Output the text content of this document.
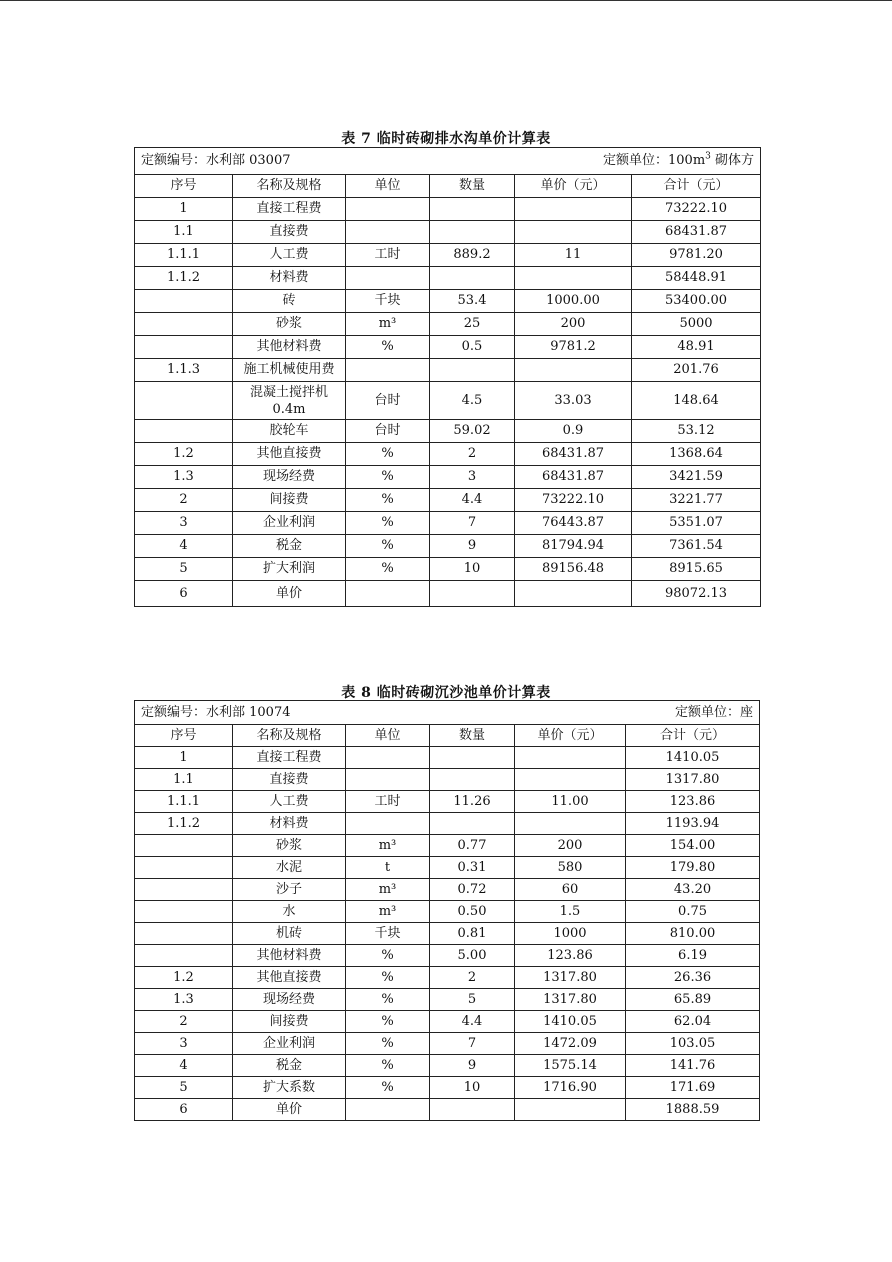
表 7 临时砖砌排水沟单价计算表
定额编号：水利部 03007 定额单位：$100m^3$ 砌体方					

序号	名称及规格	单位	数量	单价（元）	合计（元）
1	直接工程费				73222.10
1.1	直接费				68431.87
1.1.1	人工费	工时	889.2	11	9781.20
1.1.2	材料费				58448.91
	砖	千块	53.4	1000.00	53400.00
	砂浆	m³	25	200	5000
	其他材料费	%	0.5	9781.2	48.91
1.1.3	施工机械使用费				201.76
	混凝土搅拌机 0.4m	台时	4.5	33.03	148.64
	胶轮车	台时	59.02	0.9	53.12
1.2	其他直接费	%	2	68431.87	1368.64
1.3	现场经费	%	3	68431.87	3421.59
2	间接费	%	4.4	73222.10	3221.77
3	企业利润	%	7	76443.87	5351.07
4	税金	%	9	81794.94	7361.54
5	扩大利润	%	10	89156.48	8915.65
6	单价				98072.13
表 8 临时砖砌沉沙池单价计算表
定额编号：水利部 10074 定额单位：座					

序号	名称及规格	单位	数量	单价（元）	合计（元）
1	直接工程费				1410.05
1.1	直接费				1317.80
1.1.1	人工费	工时	11.26	11.00	123.86
1.1.2	材料费				1193.94
	砂浆	m³	0.77	200	154.00
	水泥	t	0.31	580	179.80
	沙子	m³	0.72	60	43.20
	水	m³	0.50	1.5	0.75
	机砖	千块	0.81	1000	810.00
	其他材料费	%	5.00	123.86	6.19
1.2	其他直接费	%	2	1317.80	26.36
1.3	现场经费	%	5	1317.80	65.89
2	间接费	%	4.4	1410.05	62.04
3	企业利润	%	7	1472.09	103.05
4	税金	%	9	1575.14	141.76
5	扩大系数	%	10	1716.90	171.69
6	单价				1888.59
